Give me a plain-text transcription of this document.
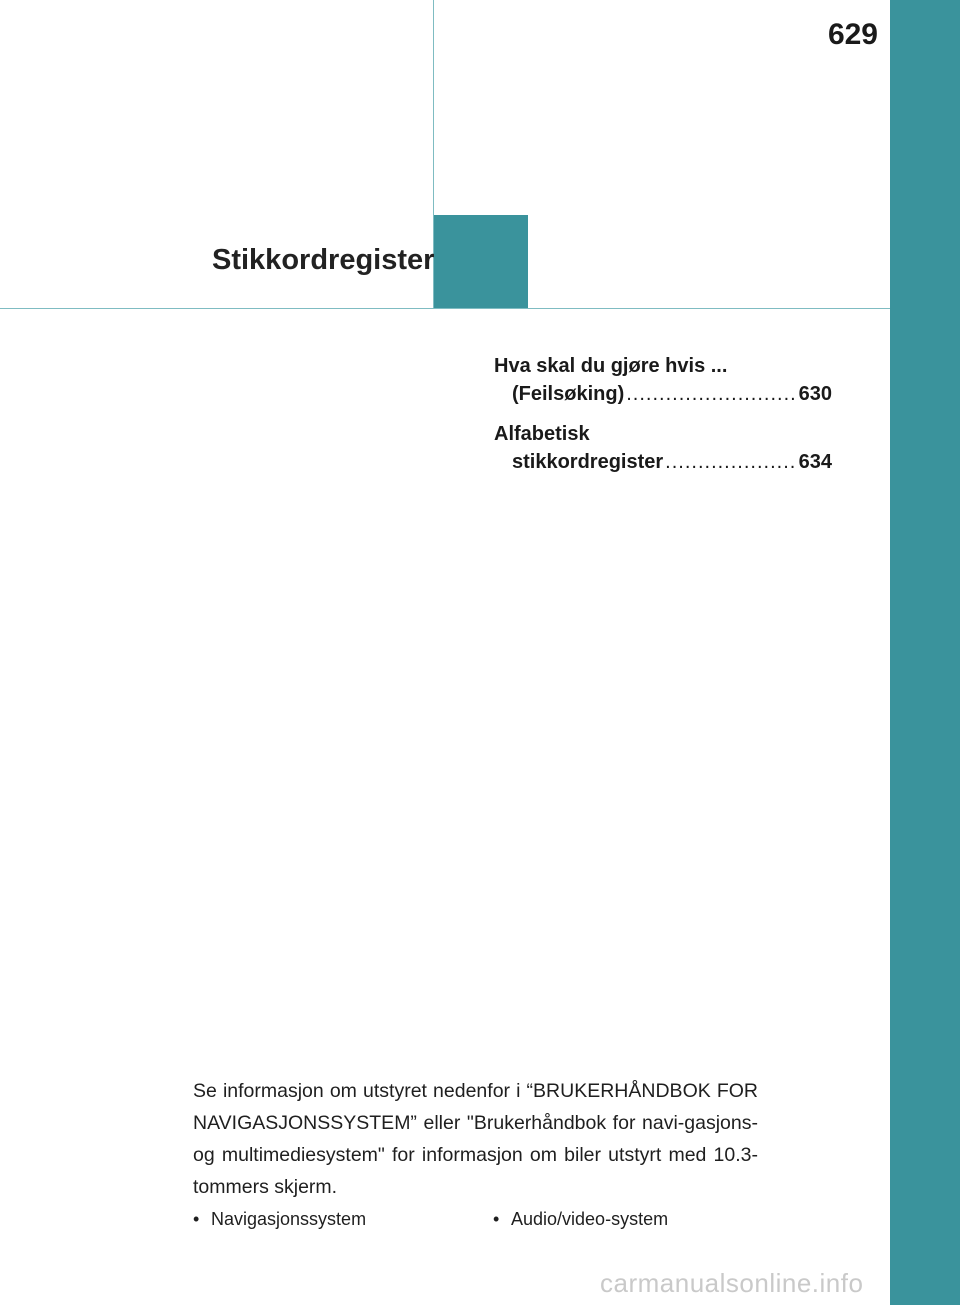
629
Stikkordregister
Hva skal du gjøre hvis ...
(Feilsøking) .....	630
Alfabetisk
stikkordregister .....	634
Se informasjon om utstyret nedenfor i “BRUKERHÅNDBOK FOR NAVIGASJONSSYSTEM” eller "Brukerhåndbok for navi-gasjons- og multimediesystem" for informasjon om biler utstyrt med 10.3-tommers skjerm.
• Navigasjonssystem	• Audio/video-system
carmanualsonline.info
